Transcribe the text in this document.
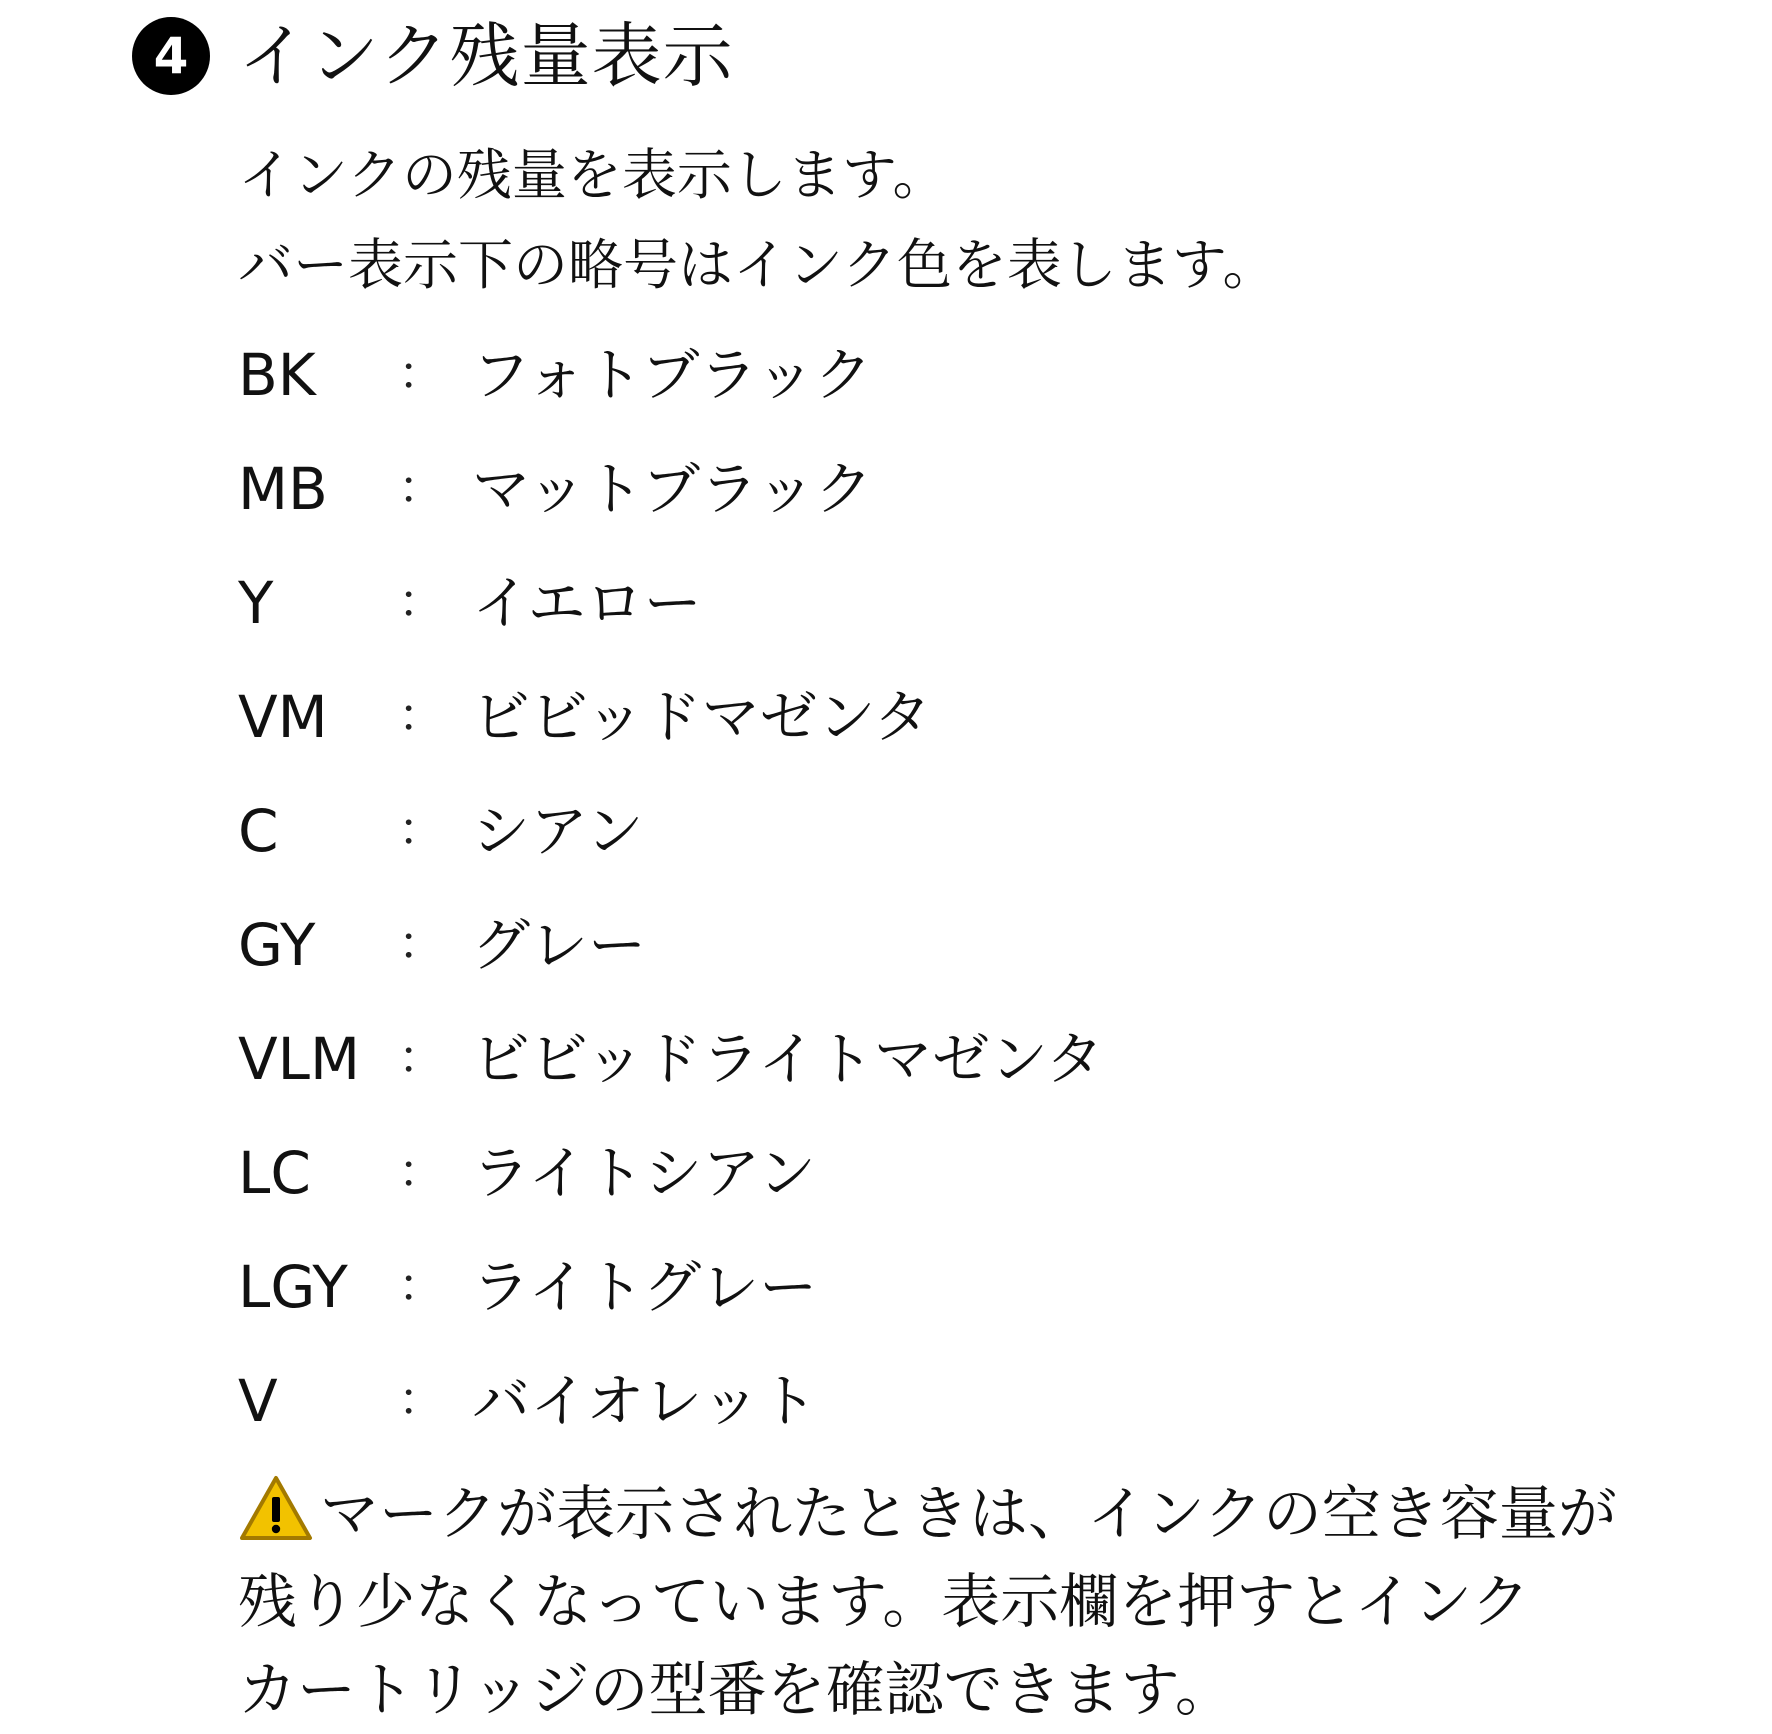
4 インク残量表示

インクの残量を表示します。

バー表示下の略号はインク色を表します。

BK	： フォトブラック
MB	： マットブラック
Y	： イエロー
VM	： ビビッドマゼンタ
C	： シアン
GY	： グレー
VLM ： ビビッドライトマゼンタ
LC	： ライトシアン
LGY	： ライトグレー
V	： バイオレット
マークが表示されたときは、インクの空き容量が
残り少なくなっています。表示欄を押すとインク
カートリッジの型番を確認できます。
